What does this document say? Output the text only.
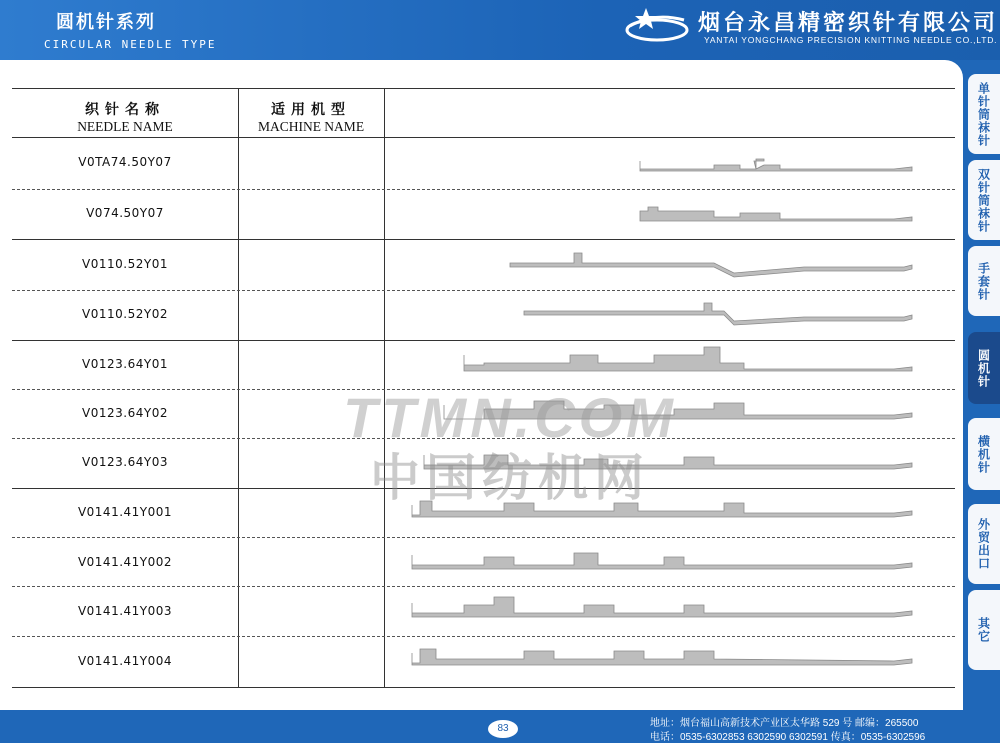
圆机针系列
CIRCULAR NEEDLE TYPE
烟台永昌精密织针有限公司
YANTAI YONGCHANG PRECISION KNITTING NEEDLE CO.,LTD.
织针名称
NEEDLE NAME
适用机型
MACHINE NAME
V0TA74.50Y07
V074.50Y07
V0110.52Y01
V0110.52Y02
V0123.64Y01
V0123.64Y02
V0123.64Y03
V0141.41Y001
V0141.41Y002
V0141.41Y003
V0141.41Y004
TTMN.COM
中国纺机网
单针筒袜针
双针筒袜针
手套针
圆机针
横机针
外贸出口
其它
83	地址：烟台福山高新技术产业区太华路 529 号 邮编：265500
电话：0535-6302853 6302590 6302591 传真：0535-6302596
